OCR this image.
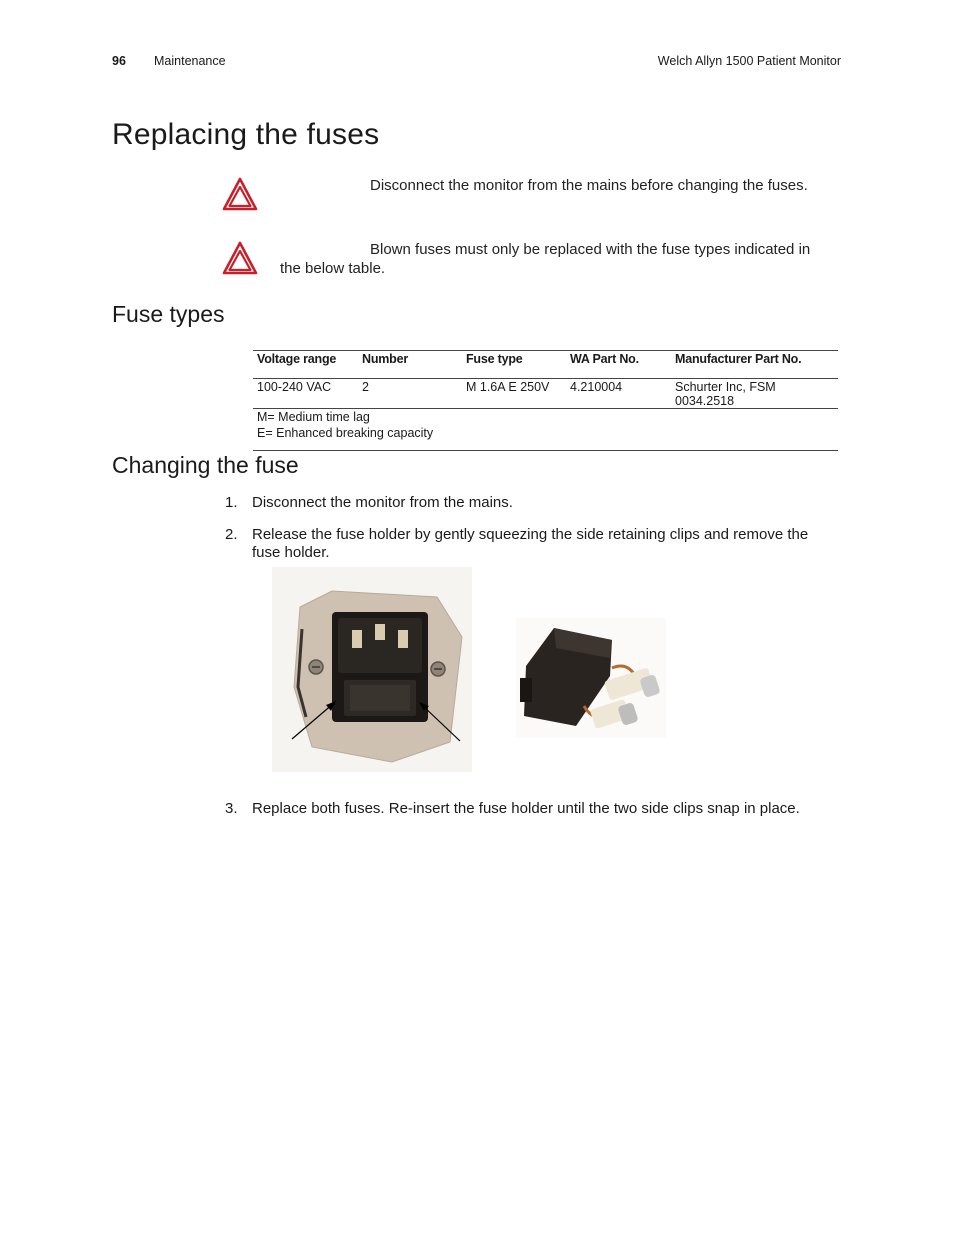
96 Maintenance	Welch Allyn 1500 Patient Monitor
Replacing the fuses
Disconnect the monitor from the mains before changing the fuses.
Blown fuses must only be replaced with the fuse types indicated in
the below table.
Fuse types
Voltage range	Number	Fuse type	WA Part No.	Manufacturer Part No.
100-240 VAC	2	M 1.6A E 250V	4.210004	Schurter Inc, FSM 0034.2518

M= Medium time lag
E= Enhanced breaking capacity				
Changing the fuse
1. Disconnect the monitor from the mains.
2. Release the fuse holder by gently squeezing the side retaining clips and remove the
fuse holder.
3. Replace both fuses. Re-insert the fuse holder until the two side clips snap in place.
